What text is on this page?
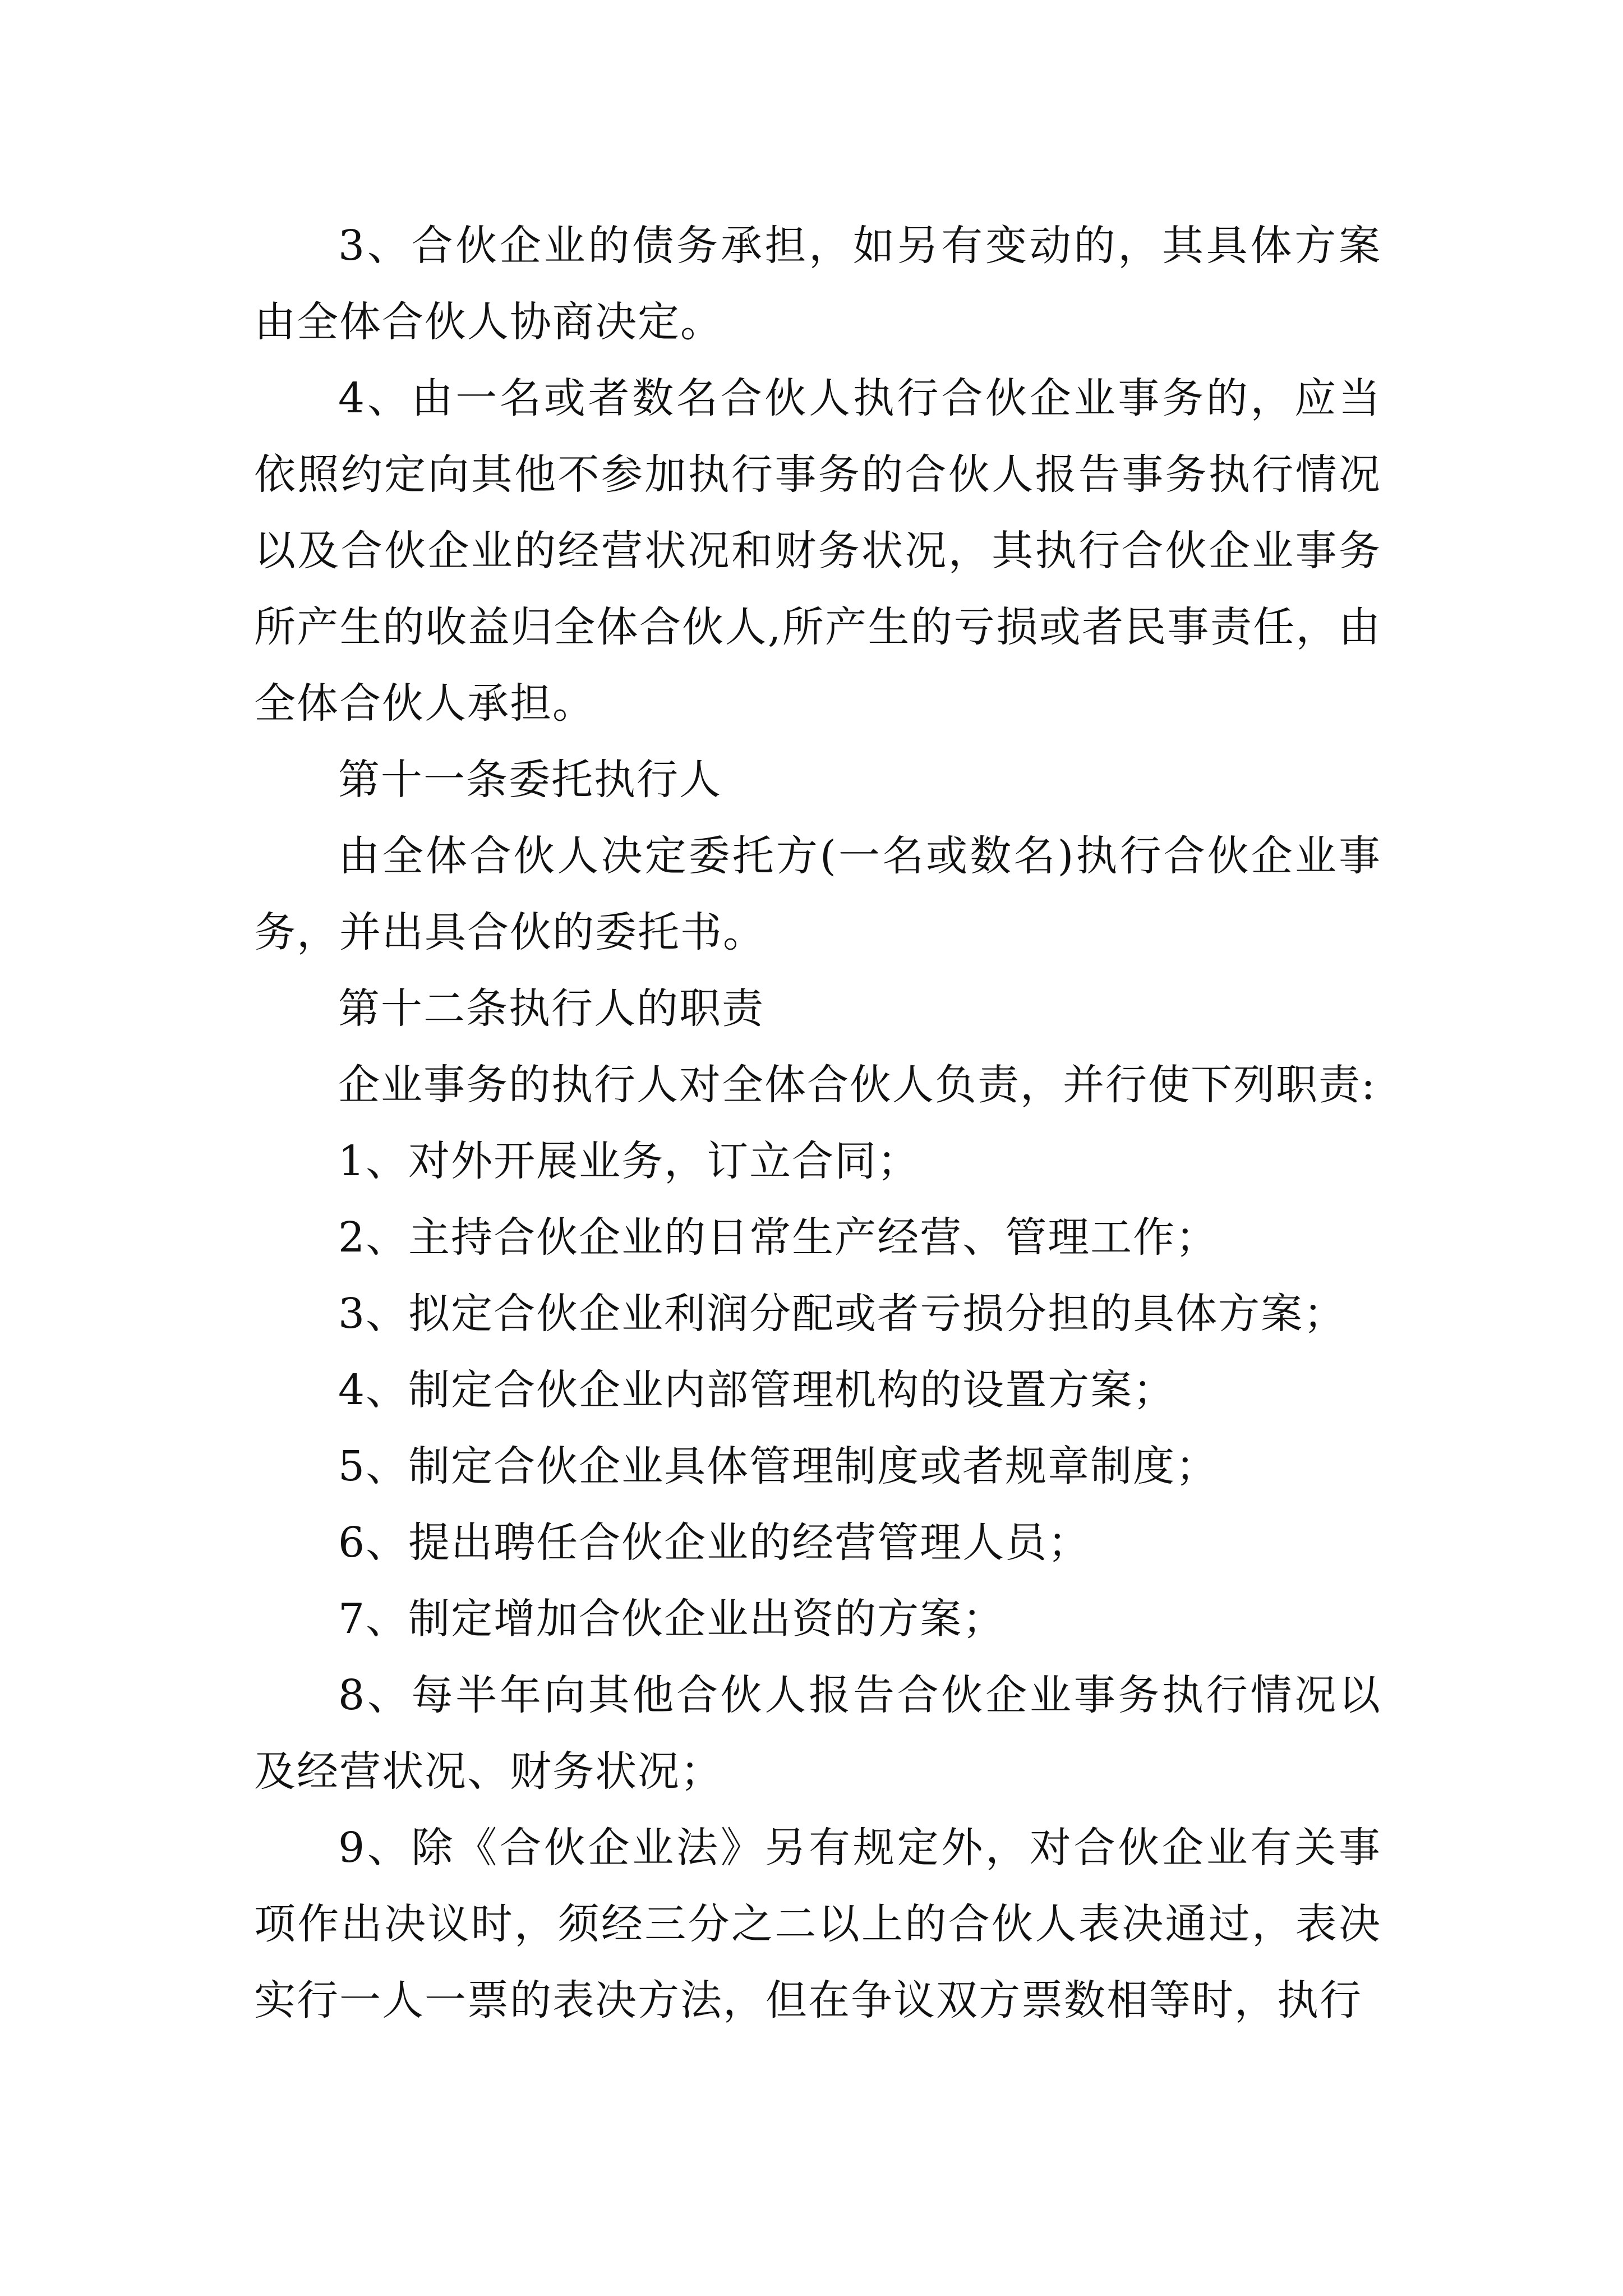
3、合伙企业的债务承担，如另有变动的，其具体方案由全体合伙人协商决定。

4、由一名或者数名合伙人执行合伙企业事务的，应当依照约定向其他不参加执行事务的合伙人报告事务执行情况以及合伙企业的经营状况和财务状况，其执行合伙企业事务所产生的收益归全体合伙人,所产生的亏损或者民事责任，由全体合伙人承担。

第十一条委托执行人

由全体合伙人决定委托方(一名或数名)执行合伙企业事务，并出具合伙的委托书。

第十二条执行人的职责

企业事务的执行人对全体合伙人负责，并行使下列职责:

1、对外开展业务，订立合同；

2、主持合伙企业的日常生产经营、管理工作；

3、拟定合伙企业利润分配或者亏损分担的具体方案；

4、制定合伙企业内部管理机构的设置方案；

5、制定合伙企业具体管理制度或者规章制度；

6、提出聘任合伙企业的经营管理人员；

7、制定增加合伙企业出资的方案；

8、每半年向其他合伙人报告合伙企业事务执行情况以及经营状况、财务状况；

9、除《合伙企业法》另有规定外，对合伙企业有关事项作出决议时，须经三分之二以上的合伙人表决通过，表决实行一人一票的表决方法，但在争议双方票数相等时，执行
